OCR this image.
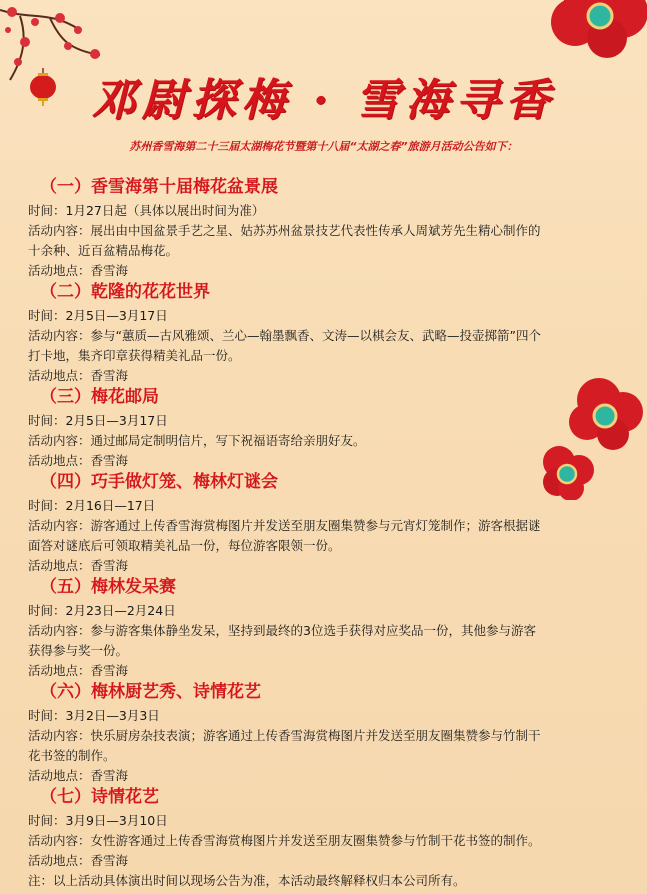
邓尉探梅 · 雪海寻香
苏州香雪海第二十三届太湖梅花节暨第十八届“太湖之春”旅游月活动公告如下：
（一）香雪海第十届梅花盆景展

时间：1月27日起（具体以展出时间为准）

活动内容：展出由中国盆景手艺之星、姑苏苏州盆景技艺代表性传承人周斌芳先生精心制作的

十余种、近百盆精品梅花。

活动地点：香雪海

（二）乾隆的花花世界

时间：2月5日—3月17日

活动内容：参与“蕙质—古风雅颂、兰心—翰墨飘香、文涛—以棋会友、武略—投壶掷箭”四个

打卡地，集齐印章获得精美礼品一份。

活动地点：香雪海

（三）梅花邮局

时间：2月5日—3月17日

活动内容：通过邮局定制明信片，写下祝福语寄给亲朋好友。

活动地点：香雪海

（四）巧手做灯笼、梅林灯谜会

时间：2月16日—17日

活动内容：游客通过上传香雪海赏梅图片并发送至朋友圈集赞参与元宵灯笼制作；游客根据谜

面答对谜底后可领取精美礼品一份，每位游客限领一份。

活动地点：香雪海

（五）梅林发呆赛

时间：2月23日—2月24日

活动内容：参与游客集体静坐发呆，坚持到最终的3位选手获得对应奖品一份，其他参与游客

获得参与奖一份。

活动地点：香雪海

（六）梅林厨艺秀、诗情花艺

时间：3月2日—3月3日

活动内容：快乐厨房杂技表演；游客通过上传香雪海赏梅图片并发送至朋友圈集赞参与竹制干

花书签的制作。

活动地点：香雪海

（七）诗情花艺

时间：3月9日—3月10日

活动内容：女性游客通过上传香雪海赏梅图片并发送至朋友圈集赞参与竹制干花书签的制作。

活动地点：香雪海

注：以上活动具体演出时间以现场公告为准，本活动最终解释权归本公司所有。
